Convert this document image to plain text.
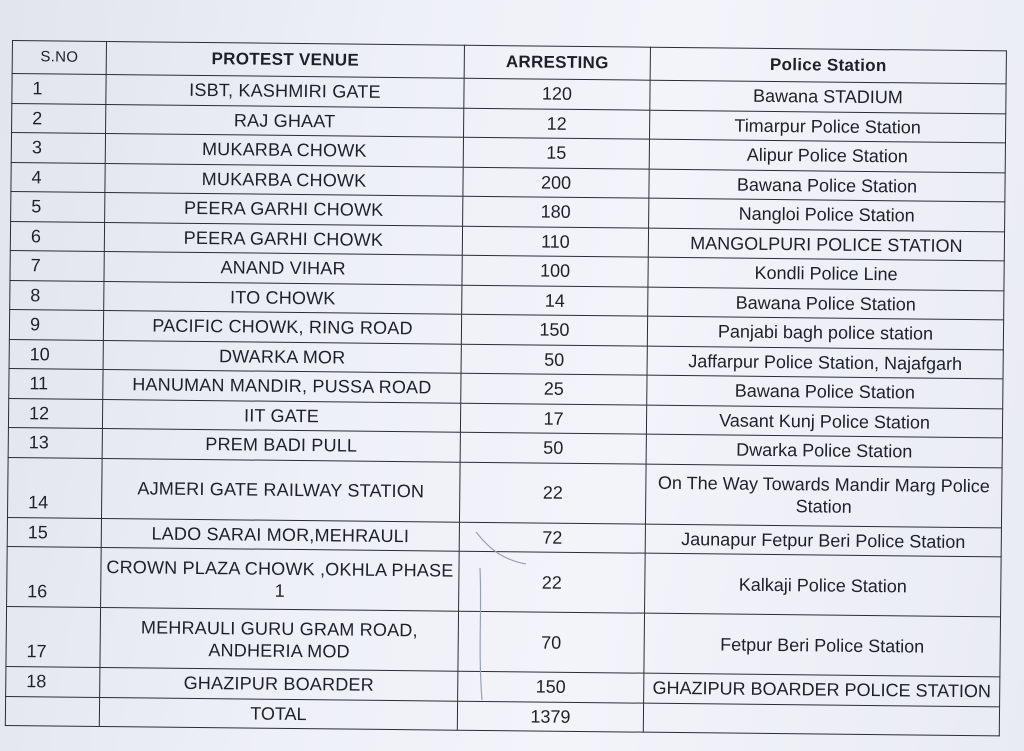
S.NO	PROTEST VENUE	ARRESTING	Police Station
1	ISBT, KASHMIRI GATE	120	Bawana STADIUM
2	RAJ GHAAT	12	Timarpur Police Station
3	MUKARBA CHOWK	15	Alipur Police Station
4	MUKARBA CHOWK	200	Bawana Police Station
5	PEERA GARHI CHOWK	180	Nangloi Police Station
6	PEERA GARHI CHOWK	110	MANGOLPURI POLICE STATION
7	ANAND VIHAR	100	Kondli Police Line
8	ITO CHOWK	14	Bawana Police Station
9	PACIFIC CHOWK, RING ROAD	150	Panjabi bagh police station
10	DWARKA MOR	50	Jaffarpur Police Station, Najafgarh
11	HANUMAN MANDIR, PUSSA ROAD	25	Bawana Police Station
12	IIT GATE	17	Vasant Kunj Police Station
13	PREM BADI PULL	50	Dwarka Police Station
14	AJMERI GATE RAILWAY STATION	22	On The Way Towards Mandir Marg Police Station
15	LADO SARAI MOR,MEHRAULI	72	Jaunapur Fetpur Beri Police Station
16	CROWN PLAZA CHOWK ,OKHLA PHASE 1	22	Kalkaji Police Station
17	MEHRAULI GURU GRAM ROAD, ANDHERIA MOD	70	Fetpur Beri Police Station
18	GHAZIPUR BOARDER	150	GHAZIPUR BOARDER POLICE STATION
	TOTAL	1379	
